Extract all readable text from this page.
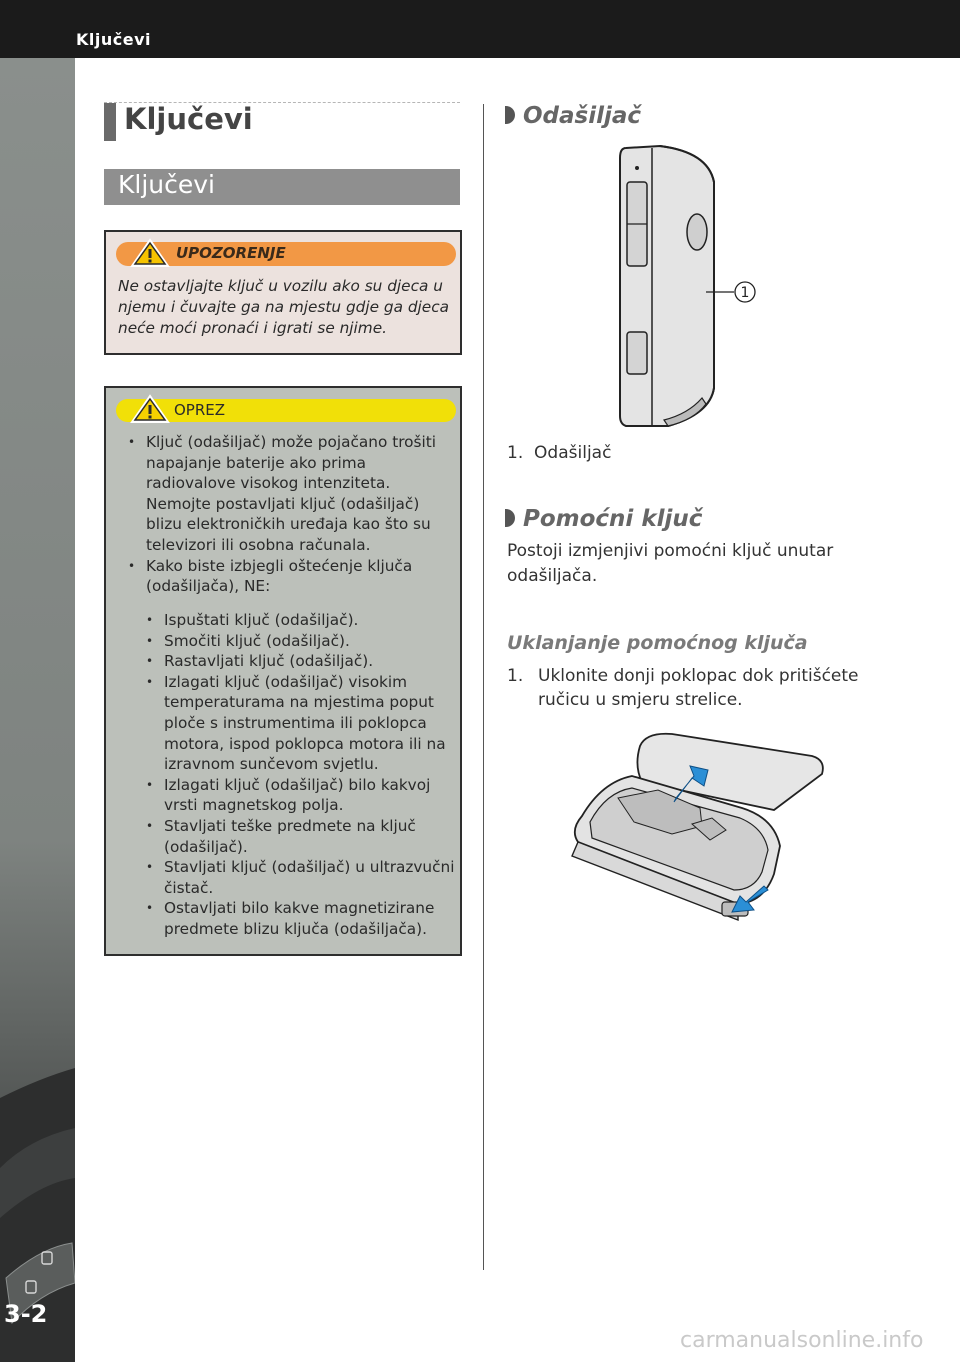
Ključevi
3-2
Ključevi
Ključevi
UPOZORENJE
Ne ostavljajte ključ u vozilu ako su djeca u njemu i čuvajte ga na mjestu gdje ga djeca neće moći pronaći i igrati se njime.
OPREZ
• Ključ (odašiljač) može pojačano trošiti napajanje baterije ako prima radiovalove visokog intenziteta. Nemojte postavljati ključ (odašiljač) blizu elektroničkih uređaja kao što su televizori ili osobna računala.
• Kako biste izbjegli oštećenje ključa (odašiljača), NE:
• Ispuštati ključ (odašiljač).
• Smočiti ključ (odašiljač).
• Rastavljati ključ (odašiljač).
• Izlagati ključ (odašiljač) visokim temperaturama na mjestima poput ploče s instrumentima ili poklopca motora, ispod poklopca motora ili na izravnom sunčevom svjetlu.
• Izlagati ključ (odašiljač) bilo kakvoj vrsti magnetskog polja.
• Stavljati teške predmete na ključ (odašiljač).
• Stavljati ključ (odašiljač) u ultrazvučni čistač.
• Ostavljati bilo kakve magnetizirane predmete blizu ključa (odašiljača).
Odašiljač
1
1. Odašiljač
Pomoćni ključ
Postoji izmjenjivi pomoćni ključ unutar odašiljača.
Uklanjanje pomoćnog ključa
1. Uklonite donji poklopac dok pritišćete ručicu u smjeru strelice.
carmanualsonline.info
